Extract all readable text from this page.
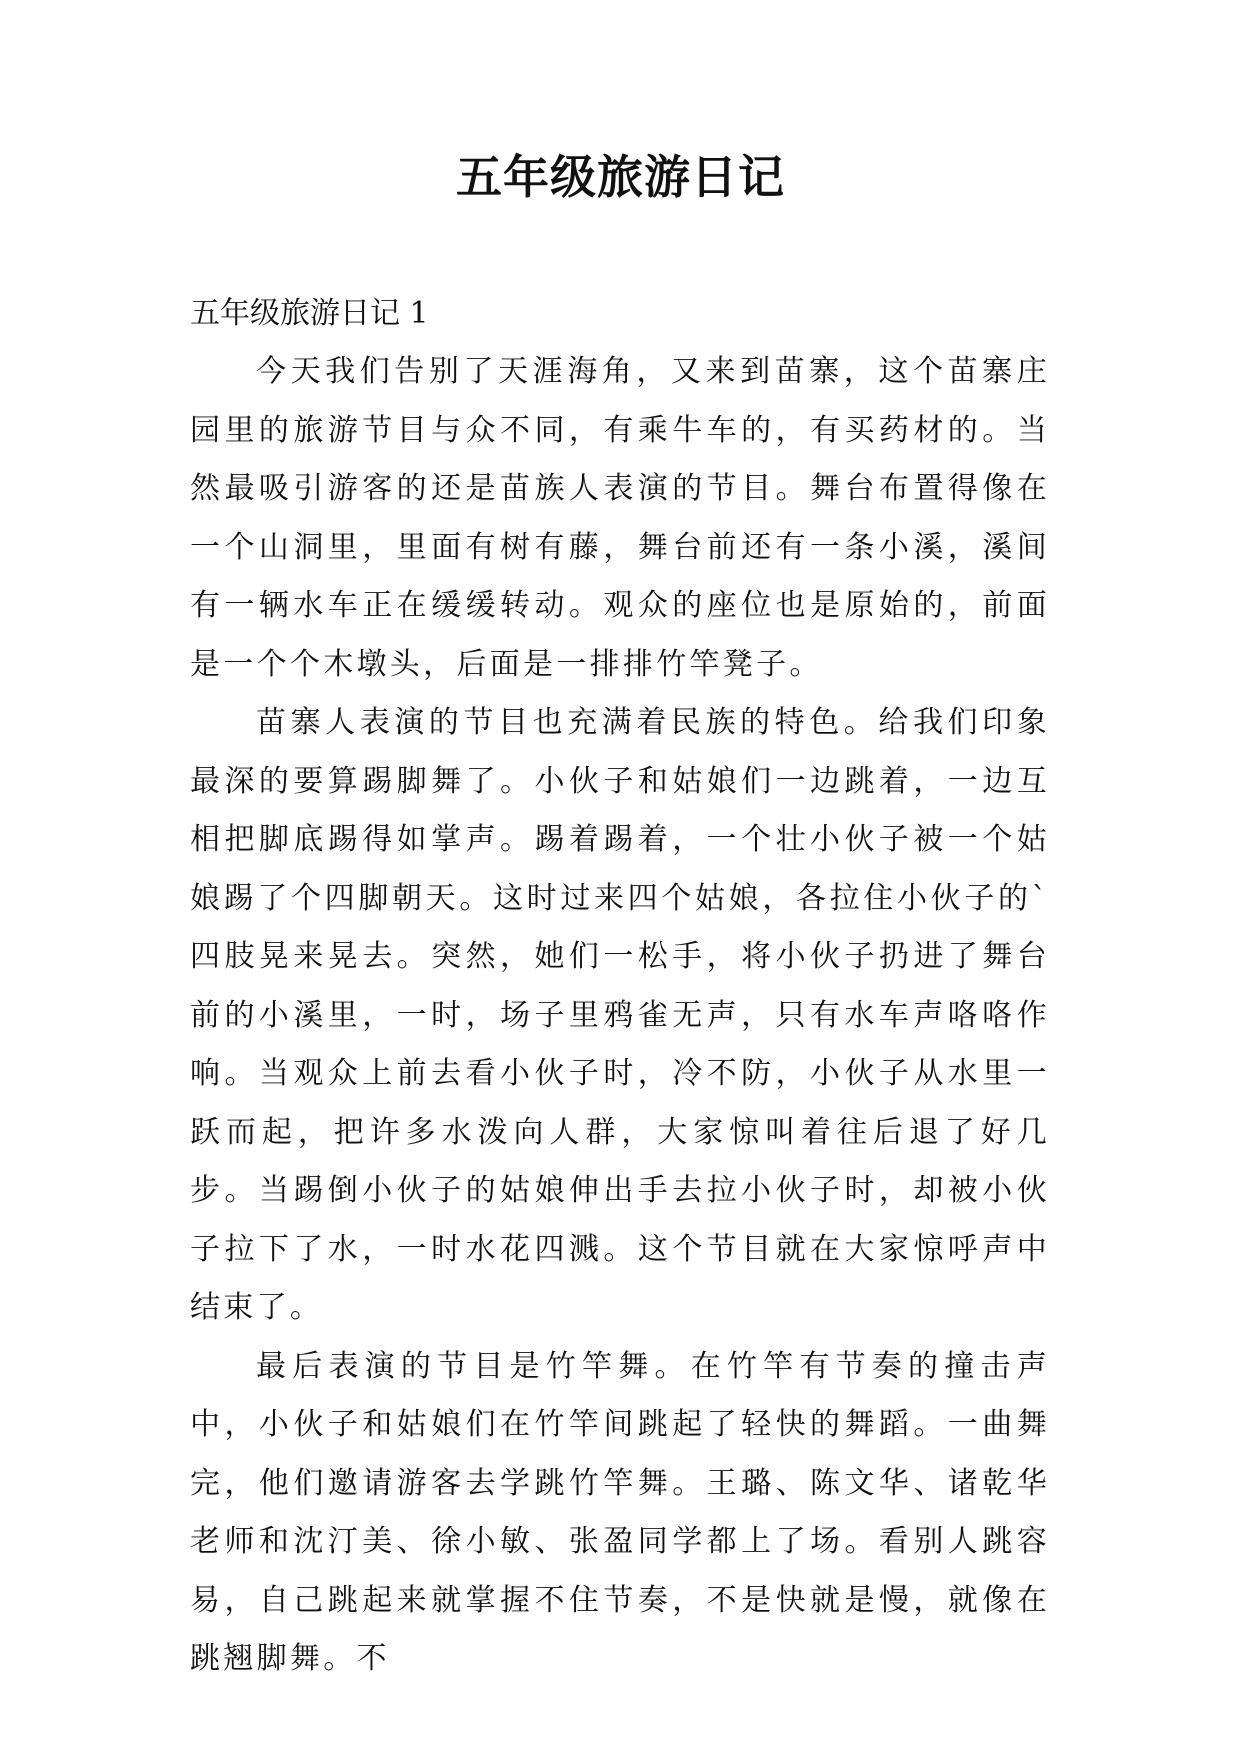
五年级旅游日记

五年级旅游日记 1

今天我们告别了天涯海角，又来到苗寨，这个苗寨庄园里的旅游节目与众不同，有乘牛车的，有买药材的。当然最吸引游客的还是苗族人表演的节目。舞台布置得像在一个山洞里，里面有树有藤，舞台前还有一条小溪，溪间有一辆水车正在缓缓转动。观众的座位也是原始的，前面是一个个木墩头，后面是一排排竹竿凳子。

苗寨人表演的节目也充满着民族的特色。给我们印象最深的要算踢脚舞了。小伙子和姑娘们一边跳着，一边互相把脚底踢得如掌声。踢着踢着，一个壮小伙子被一个姑娘踢了个四脚朝天。这时过来四个姑娘，各拉住小伙子的`四肢晃来晃去。突然，她们一松手，将小伙子扔进了舞台前的小溪里，一时，场子里鸦雀无声，只有水车声咯咯作响。当观众上前去看小伙子时，冷不防，小伙子从水里一跃而起，把许多水泼向人群，大家惊叫着往后退了好几步。当踢倒小伙子的姑娘伸出手去拉小伙子时，却被小伙子拉下了水，一时水花四溅。这个节目就在大家惊呼声中结束了。

最后表演的节目是竹竿舞。在竹竿有节奏的撞击声中，小伙子和姑娘们在竹竿间跳起了轻快的舞蹈。一曲舞完，他们邀请游客去学跳竹竿舞。王璐、陈文华、诸乾华老师和沈汀美、徐小敏、张盈同学都上了场。看别人跳容易，自己跳起来就掌握不住节奏，不是快就是慢，就像在跳翘脚舞。不
